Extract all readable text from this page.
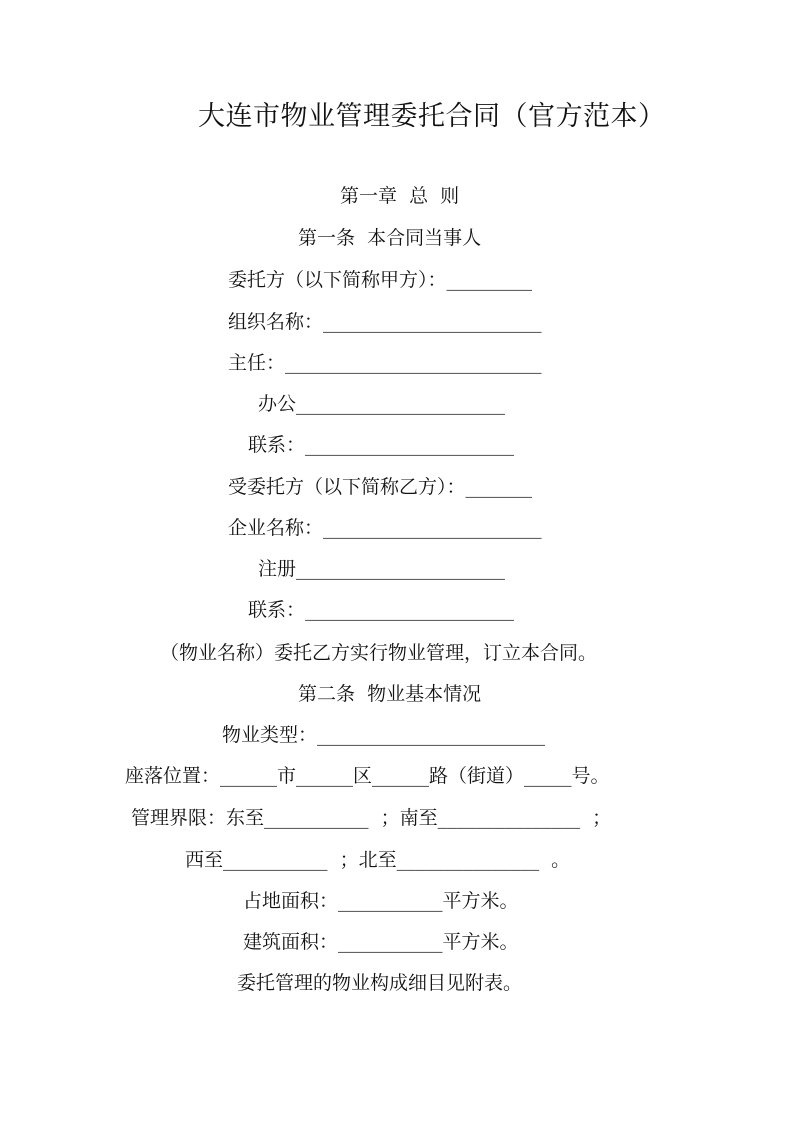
大连市物业管理委托合同（官方范本）
第一章  总  则
第一条  本合同当事人
委托方（以下简称甲方）：_________
组织名称：_______________________
主任：___________________________
办公______________________
联系：______________________
受委托方（以下简称乙方）：_______
企业名称：_______________________
注册______________________
联系：______________________
（物业名称）委托乙方实行物业管理，订立本合同。
第二条  物业基本情况
物业类型：________________________
座落位置：______市______区______路（街道）_____号。
管理界限：东至___________  ；南至_______________  ；
西至___________  ；北至_______________  。
占地面积：___________平方米。
建筑面积：___________平方米。
委托管理的物业构成细目见附表。
